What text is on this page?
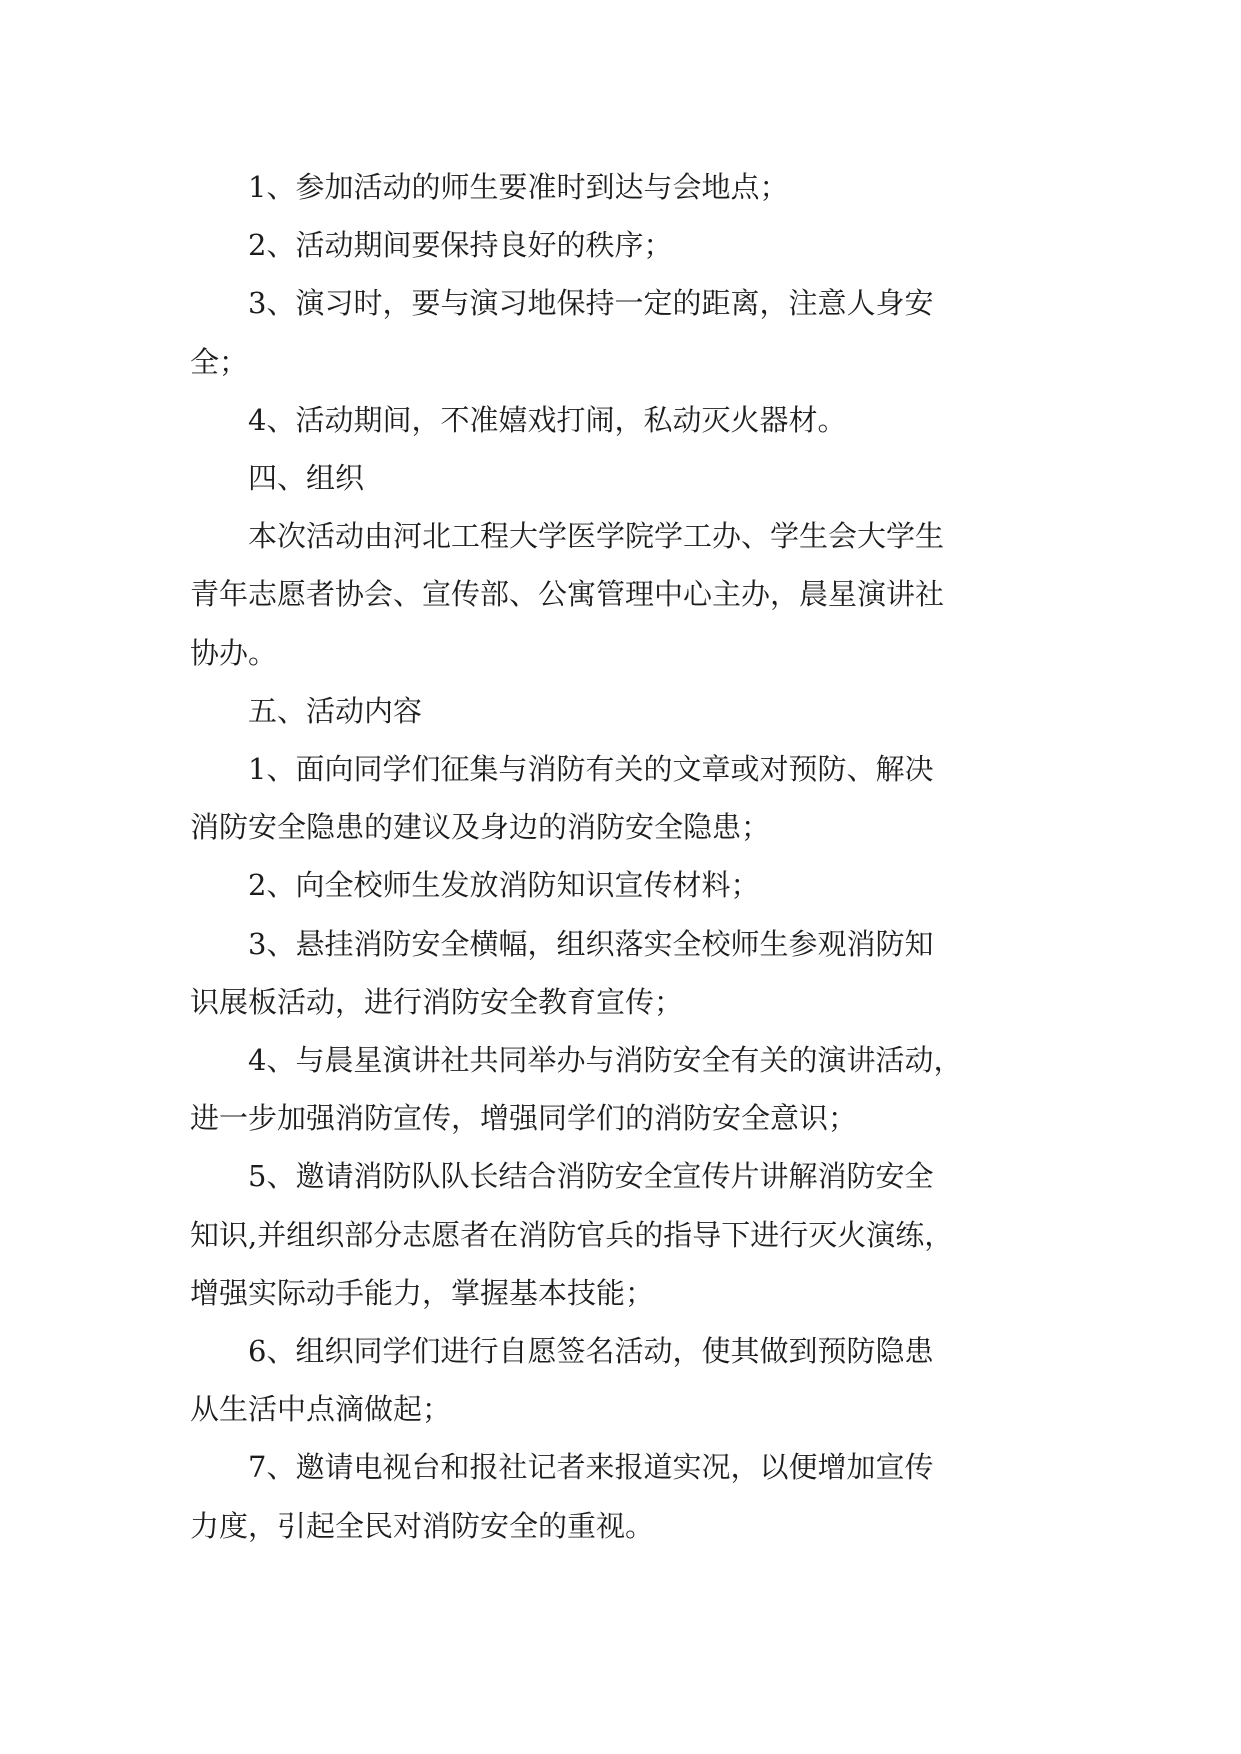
1、参加活动的师生要准时到达与会地点；

2、活动期间要保持良好的秩序；

3、演习时，要与演习地保持一定的距离，注意人身安

全；

4、活动期间，不准嬉戏打闹，私动灭火器材。

四、组织

本次活动由河北工程大学医学院学工办、学生会大学生

青年志愿者协会、宣传部、公寓管理中心主办，晨星演讲社

协办。

五、活动内容

1、面向同学们征集与消防有关的文章或对预防、解决

消防安全隐患的建议及身边的消防安全隐患；

2、向全校师生发放消防知识宣传材料；

3、悬挂消防安全横幅，组织落实全校师生参观消防知

识展板活动，进行消防安全教育宣传；

4、与晨星演讲社共同举办与消防安全有关的演讲活动，

进一步加强消防宣传，增强同学们的消防安全意识；

5、邀请消防队队长结合消防安全宣传片讲解消防安全

知识,并组织部分志愿者在消防官兵的指导下进行灭火演练，

增强实际动手能力，掌握基本技能；

6、组织同学们进行自愿签名活动，使其做到预防隐患

从生活中点滴做起；

7、邀请电视台和报社记者来报道实况，以便增加宣传

力度，引起全民对消防安全的重视。
